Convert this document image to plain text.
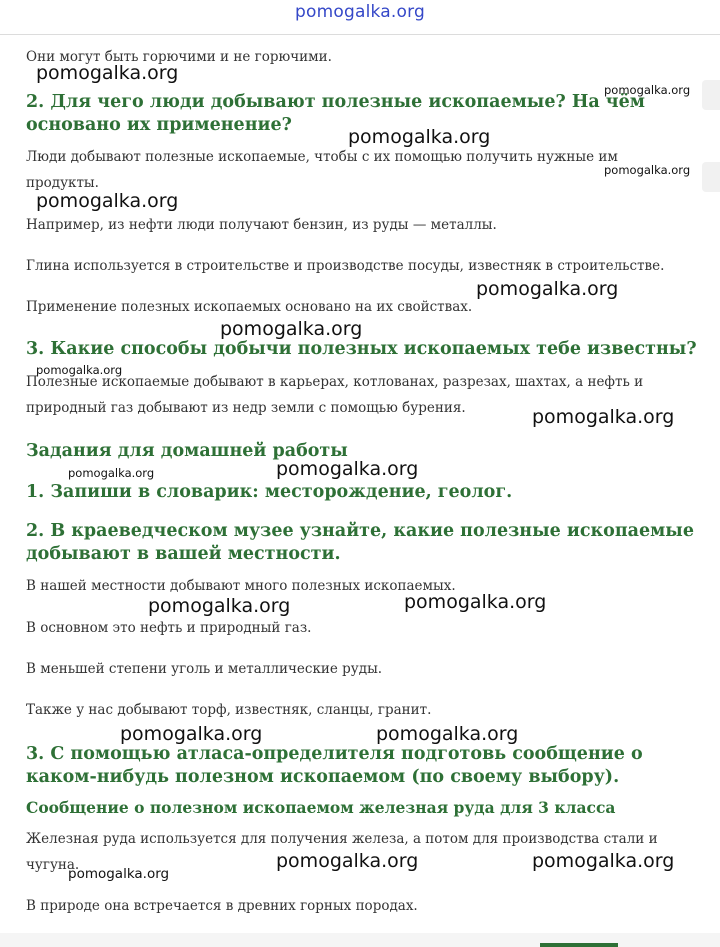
pomogalka.org

Они могут быть горючими и не горючими.

2. Для чего люди добывают полезные ископаемые? На чём
основано их применение?

Люди добывают полезные ископаемые, чтобы с их помощью получить нужные им

продукты.

Например, из нефти люди получают бензин, из руды — металлы.

Глина используется в строительстве и производстве посуды, известняк в строительстве.

Применение полезных ископаемых основано на их свойствах.

3. Какие способы добычи полезных ископаемых тебе известны?

Полезные ископаемые добывают в карьерах, котлованах, разрезах, шахтах, а нефть и

природный газ добывают из недр земли с помощью бурения.

Задания для домашней работы
1. Запиши в словарик: месторождение, геолог.
2. В краеведческом музее узнайте, какие полезные ископаемые
добывают в вашей местности.

В нашей местности добывают много полезных ископаемых.

В основном это нефть и природный газ.

В меньшей степени уголь и металлические руды.

Также у нас добывают торф, известняк, сланцы, гранит.

3. С помощью атласа-определителя подготовь сообщение о
каком-нибудь полезном ископаемом (по своему выбору).
Сообщение о полезном ископаемом железная руда для 3 класса

Железная руда используется для получения железа, а потом для производства стали и

чугуна.

В природе она встречается в древних горных породах.

pomogalka.org
pomogalka.org
pomogalka.org
pomogalka.org
pomogalka.org
pomogalka.org
pomogalka.org
pomogalka.org
pomogalka.org
pomogalka.org
pomogalka.org
pomogalka.org	pomogalka.org
pomogalka.org	pomogalka.org
pomogalka.org	pomogalka.org
pomogalka.org
